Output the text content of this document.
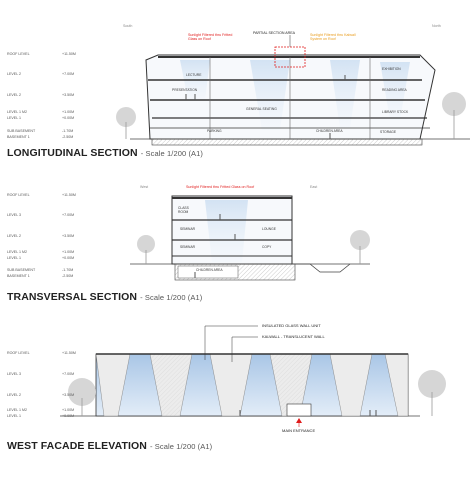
South	North
PARTIAL SECTION AREA
Sunlight Filtered thru Fritted Glass on Roof
Sunlight Filtered thru Kalwall System on Roof
ROOF LEVEL	+11.50M
LEVEL 2	+7.00M
LEVEL 2	+3.50M
LEVEL 1 M2	+1.00M
LEVEL 1	+0.00M
SUB BASEMENT	-1.70M
BASEMENT 1	-2.50M
LECTURE
EXHIBITION
PRESENTATION	READING AREA
GENERAL SEATING
LIBRARY STOCK
PARKING	CHILDREN AREA	STORAGE
LONGITUDINAL SECTION - Scale 1/200 (A1)
West	East
Sunlight Filtered thru Fritted Glass on Roof
ROOF LEVEL	+11.50M
LEVEL 3	+7.00M
LEVEL 2	+3.50M
LEVEL 1 M2	+1.00M
LEVEL 1	+0.00M
SUB BASEMENT	-1.70M
BASEMENT 1	-2.50M
CLASS ROOM
SEMINAR	LOUNGE
SEMINAR	COPY
CHILDREN AREA
TRANSVERSAL SECTION - Scale 1/200 (A1)
INSULATED GLASS WALL UNIT
KALWALL - TRANSLUCENT WALL
MAIN ENTRANCE
ROOF LEVEL	+11.50M
LEVEL 3	+7.00M
LEVEL 2	+3.50M
LEVEL 1 M2	+1.00M
LEVEL 1	+0.00M
WEST FACADE ELEVATION - Scale 1/200 (A1)
